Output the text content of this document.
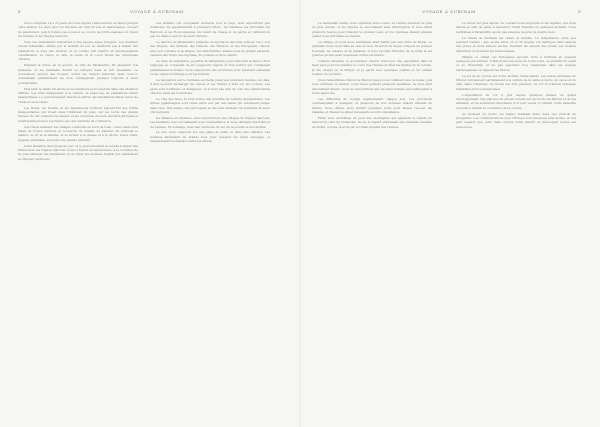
8	VOYAGE À SURINAM

Nous comptons 14 à 15 jours de route depuis l'embouchure du fleuve jusqu'à cette station. Le pays que l'on traverse est d'abord bas et marécageux, couvert de palétuviers, puis il s'élève peu à peu et se couvre de forêts épaisses où vivent les Indiens et les Nègres marrons.

Tous ces événements remontent à une époque assez éloignée. Les premiers colons hollandais, attirés par la fertilité du sol, ne tardèrent pas à établir des plantations le long des rivières, et la colonie prit bientôt un développement considérable. Le sucre, le café, le cacao et le coton furent les principales cultures.

Pendant la durée de la guerre, la ville de Paramaribo fut plusieurs fois menacée, et les habitants durent se réfugier dans le fort Zeelandia. Le gouverneur envoya des troupes contre les Nègres marrons, mais ceux-ci, connaissant parfaitement les bois, échappèrent presque toujours à leurs poursuivants.

Plus tard, la traite fut abolie et les planteurs se trouvèrent dans une situation difficile. Les bras manquaient à la culture, et beaucoup de plantations furent abandonnées. Le gouvernement chercha à attirer des travailleurs libres venus de l'Inde et de la Chine.

Les Bonis, les Youkas et les Saramaccas forment aujourd'hui des tribus indépendantes qui vivent dans l'intérieur du pays, sur les bords des grands fleuves. Ils ont conservé les mœurs et les coutumes de leurs ancêtres africains et n'entretiennent avec les blancs que des relations de commerce.

Ces tribus habitent des villages construits au bord de l'eau ; leurs cases sont faites de troncs d'arbres et couvertes de feuilles de palmier. Ils cultivent le manioc, le riz et la banane, et se livrent à la chasse et à la pêche. Leurs chefs, appelés granmans, exercent une grande autorité.

Cette situation dura jusqu'au jour où le gouvernement se décida à signer des traités avec les Nègres marrons. Ceux-ci furent reconnus libres, à la condition de ne plus attaquer les plantations et de livrer les esclaves fugitifs qui viendraient se réfugier parmi eux.

Les Indiens, qui occupaient autrefois tout le pays, sont aujourd'hui peu nombreux. Ils appartiennent à plusieurs tribus : les Caraïbes, les Arrowaks, les Warrows et les Roucouyennes. Ils vivent de chasse et de pêche et cultivent un peu de manioc autour de leurs carbets.

Le marché de Paramaribo présente un spectacle des plus curieux. On y voit des Nègres, des Indiens, des Chinois, des Hindous et des Européens, chacun avec son costume et sa langue. Les marchandes, assises sous de grands parasols, vendent des fruits, des légumes, du poisson et de la viande.

Au mois de septembre, je partis de Paramaribo pour remonter le fleuve. Mon équipage se composait de six pagayeurs nègres et d'un patron qui connaissait parfaitement la rivière. Nous emportions des provisions pour plusieurs semaines et des objets d'échange pour les Indiens.

La navigation sur le Surinam est facile jusqu'aux premiers rapides. Au delà, il faut souvent décharger les canots et les traîner à bras sur les rochers. Les sauts sont nombreux et dangereux, et il n'est pas rare de voir des embarcations chavirer dans les tourbillons.

Le long des rives, la forêt forme une muraille de verdure impénétrable. Les arbres gigantesques sont reliés entre eux par des lianes qui retombent jusque dans l'eau. Des singes, des perroquets et des aras animent ces solitudes de leurs cris perçants.

De distance en distance, nous rencontrions des villages de Nègres marrons. Les habitants nous accueillaient avec bienveillance et nous offraient des fruits et du cassave. En échange, nous leur donnions du sel, de la poudre et des étoffes.

Le soir, nous campions sur une plage de sable ou dans une clairière. Les hommes allumaient de grands feux pour éloigner les bêtes sauvages, et suspendaient nos hamacs entre les arbres.

VOYAGE À SURINAM	9

Le lendemain matin, nous reprîmes notre route. La rivière devenait de plus en plus étroite, et les rapides se succédaient sans interruption. Il nous fallut plusieurs heures pour franchir le premier saut, et nos hommes étaient épuisés quand nous arrivâmes au-dessus.

Le village où nous nous arrêtâmes était habité par une tribu de Bonis. Le granman nous reçut dans sa case et nous fit servir un repas composé de poisson boucané, de cassave et de bananes. Il nous raconta l'histoire de sa tribu et les guerres qu'elle avait soutenues contre les blancs.

L'année suivante, le gouverneur résolut d'envoyer une expédition dans le haut pays pour reconnaître le cours des rivières et fixer les limites de la colonie. Je fus chargé de la diriger, et je partis avec quelques soldats et un certain nombre de porteurs.

Nous remontâmes d'abord le Maroni jusqu'à son confluent avec le Lawa, puis nous suivîmes ce dernier cours d'eau pendant plusieurs semaines. Le pays était absolument désert ; nous ne rencontrions que de rares Indiens qui s'enfuyaient à notre approche.

Les difficultés du voyage augmentaient chaque jour. Les provisions commençaient à manquer, et plusieurs de nos hommes étaient atteints de fièvres. Nous dûmes nous arrêter quelques jours pour laisser reposer les malades et chasser le gibier nécessaire à notre subsistance.

Enfin nous arrivâmes au pied des montagnes qui séparent le bassin du Maroni de celui de l'Amazone. De là, le regard embrassait une immense étendue de forêts, coupée çà et là par le ruban argenté des rivières.

Le retour fut plus rapide. Le courant nous emportait et les rapides, que nous avions eu tant de peine à remonter, furent franchis en quelques instants. Nous rentrâmes à Paramaribo après une absence de près de quatre mois.

Le climat de Surinam est chaud et humide. La température varie peu pendant l'année ; elle oscille entre 25 et 32 degrés. On distingue deux saisons des pluies et deux saisons sèches. Pendant les saisons des pluies, les rivières débordent et inondent les terres basses.

Malgré ce climat, les Européens peuvent vivre à Surinam en prenant quelques précautions. Il faut éviter les excès de toute sorte, se garantir du soleil et de l'humidité, et ne pas séjourner trop longtemps dans les régions marécageuses où règnent les fièvres.

Le sol de la colonie est d'une fertilité remarquable. Les terres alluviales du littoral conviennent parfaitement à la culture de la canne à sucre, du cacao et du café. Dans l'intérieur, on trouve des bois précieux, de l'or et d'autres richesses minérales encore inexploitées.

L'exploitation de l'or a pris depuis quelques années un grand développement. Des placers ont été découverts sur les bords du Maroni et de ses affluents, et de nombreux chercheurs d'or sont venus s'y établir. Cette industrie nouvelle a ranimé le commerce de la colonie.

Au moment où j'écris ces lignes, Surinam entre dans une période de prospérité. Les communications avec l'Europe sont devenues plus faciles, et l'on peut espérer que cette belle colonie verra bientôt se développer toutes ses ressources.
